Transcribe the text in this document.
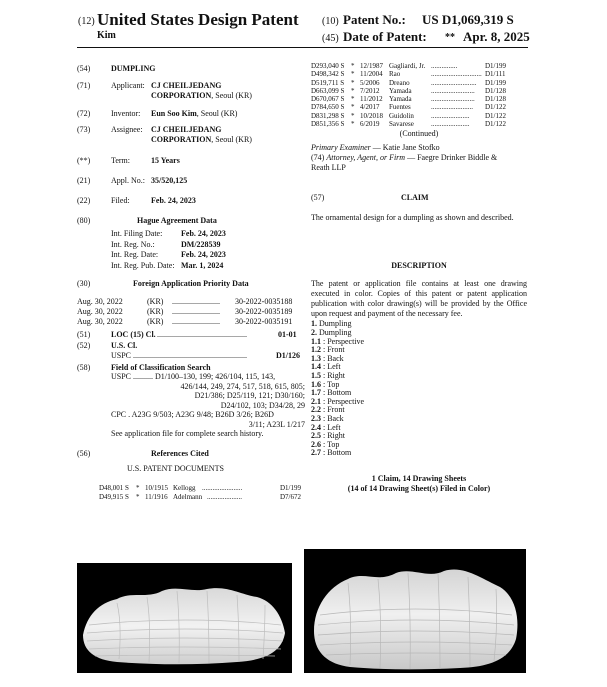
(12) United States Design Patent
Kim
(10) Patent No.: US D1,069,319 S
(45) Date of Patent: ** Apr. 8, 2025
(54)	DUMPLING
(71)	Applicant: CJ CHEILJEDANG
CORPORATION, Seoul (KR)
(72)	Inventor: Eun Soo Kim, Seoul (KR)
(73)	Assignee: CJ CHEILJEDANG
CORPORATION, Seoul (KR)
(**)	Term:	15 Years
(21)	Appl. No.: 35/520,125
(22)	Filed:	Feb. 24, 2023
(80)	Hague Agreement Data
Int. Filing Date: Feb. 24, 2023
Int. Reg. No.:	DM/228539
Int. Reg. Date:	Feb. 24, 2023
Int. Reg. Pub. Date: Mar. 1, 2024
(30)	Foreign Application Priority Data
Aug. 30, 2022	(KR) ........................ 30-2022-0035188
Aug. 30, 2022	(KR) ........................ 30-2022-0035189
Aug. 30, 2022	(KR) ........................ 30-2022-0035191
(51)	LOC (15) Cl. .............................................	01-01
(52)	U.S. Cl.
USPC .........................................................	D1/126
(58)	Field of Classification Search
USPC .......... D1/100–130, 199; 426/104, 115, 143,
426/144, 249, 274, 517, 518, 615, 805;
D21/386; D25/119, 121; D30/160;
D24/102, 103; D34/28, 29
CPC . A23G 9/503; A23G 9/48; B26D 3/26; B26D
3/11; A23L 1/217
See application file for complete search history.
(56)	References Cited
U.S. PATENT DOCUMENTS
D48,001 S * 10/1915 Kellogg .......................	D1/199
D49,915 S * 11/1916 Adelmann ....................	D7/672
D293,040 S * 12/1987 Gagliardi, Jr. ...............	D1/199
D498,342 S * 11/2004 Rao	............................. D1/111
D519,711 S * 5/2006 Dreano	.......................... D1/199
D663,099 S * 7/2012 Yamada	......................... D1/128
D670,067 S * 11/2012 Yamada	......................... D1/128
D784,650 S * 4/2017 Fuentes	........................ D1/122
D831,298 S * 10/2018 Guidolin ...................... D1/122
D851,356 S * 6/2019 Savarese ...................... D1/122
(Continued)
Primary Examiner — Katie Jane Stofko
(74) Attorney, Agent, or Firm — Faegre Drinker Biddle &
Reath LLP
(57)	CLAIM
The ornamental design for a dumpling as shown and described.
DESCRIPTION
The patent or application file contains at least one drawing executed in color. Copies of this patent or patent application publication with color drawing(s) will be provided by the Office upon request and payment of the necessary fee.
1. Dumpling
2. Dumpling
1.1 : Perspective
1.2 : Front
1.3 : Back
1.4 : Left
1.5 : Right
1.6 : Top
1.7 : Bottom
2.1 : Perspective
2.2 : Front
2.3 : Back
2.4 : Left
2.5 : Right
2.6 : Top
2.7 : Bottom
1 Claim, 14 Drawing Sheets
(14 of 14 Drawing Sheet(s) Filed in Color)
